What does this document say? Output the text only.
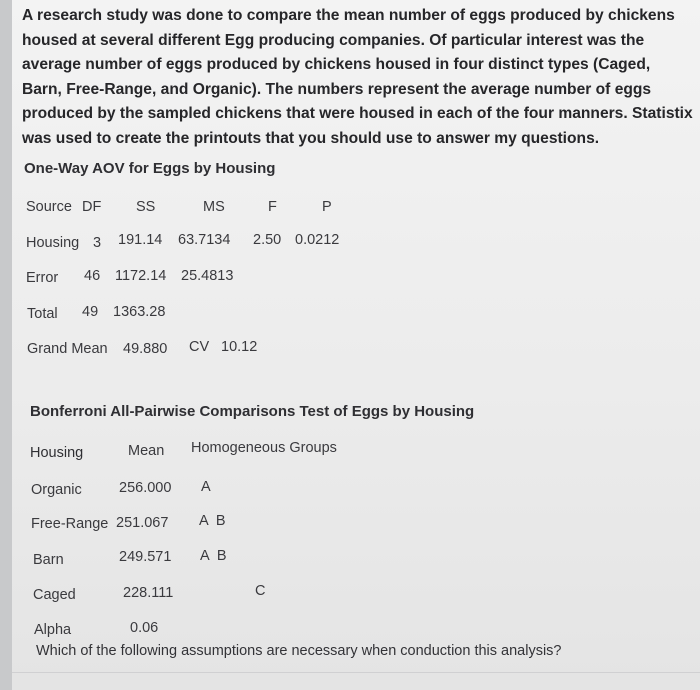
A research study was done to compare the mean number of eggs produced by chickens housed at several different Egg producing companies. Of particular interest was the average number of eggs produced by chickens housed in four distinct types (Caged, Barn, Free-Range, and Organic). The numbers represent the average number of eggs produced by the sampled chickens that were housed in each of the four manners. Statistix was used to create the printouts that you should use to answer my questions.
One-Way AOV for Eggs by Housing
Source DF SS	MS	F	P
Housing 3 191.14 63.7134 2.50 0.0212
Error 46 1172.14 25.4813
Total 49 1363.28
Grand Mean 49.880 CV 10.12
Bonferroni All-Pairwise Comparisons Test of Eggs by Housing
Housing	Mean Homogeneous Groups
Organic	256.000 A
Free-Range 251.067 A  B
Barn	249.571 A  B
Caged	228.111	C
Alpha	0.06
Which of the following assumptions are necessary when conduction this analysis?
